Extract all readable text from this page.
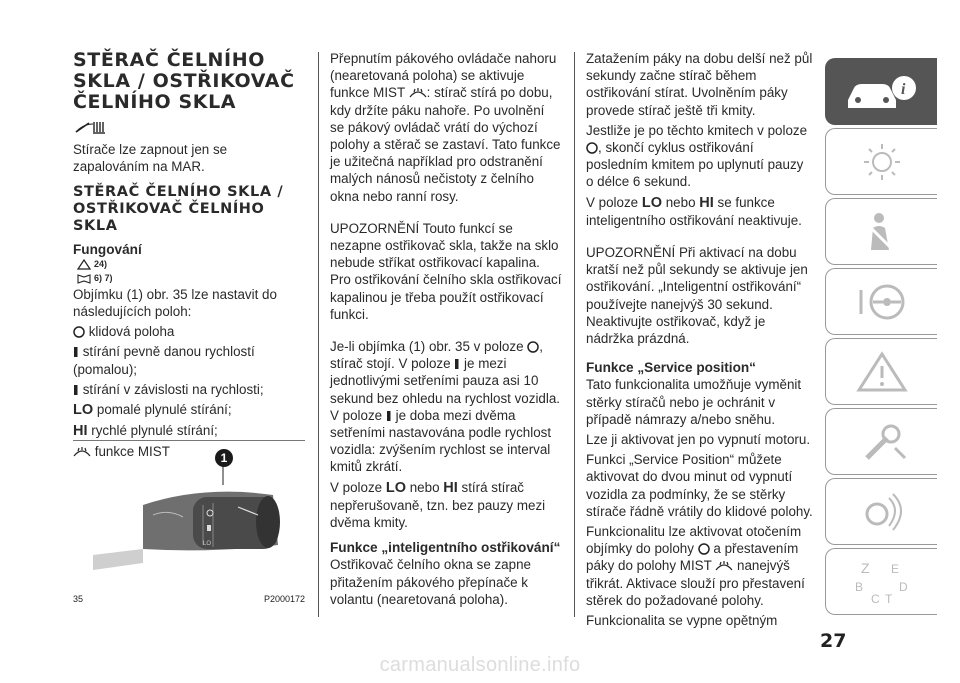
STĚRAČ ČELNÍHO SKLA / OSTŘIKOVAČ ČELNÍHO SKLA

Stírače lze zapnout jen se zapalováním na MAR.

STĚRAČ ČELNÍHO SKLA / OSTŘIKOVAČ ČELNÍHO SKLA
Fungování
24)
6) 7)

Objímku (1) obr. 35 lze nastavit do následujících poloh:

klidová poloha

stírání pevně danou rychlostí (pomalou);

stírání v závislosti na rychlosti;

LO pomalé plynulé stírání;

HI rychlé plynulé stírání;

funkce MIST

LO
1
35	P2000172

Přepnutím pákového ovládače nahoru (nearetovaná poloha) se aktivuje funkce MIST : stírač stírá po dobu, kdy držíte páku nahoře. Po uvolnění se pákový ovládač vrátí do výchozí polohy a stěrač se zastaví. Tato funkce je užitečná například pro odstranění malých nánosů nečistoty z čelního okna nebo ranní rosy.

UPOZORNĚNÍ Touto funkcí se nezapne ostřikovač skla, takže na sklo nebude stříkat ostřikovací kapalina. Pro ostřikování čelního skla ostřikovací kapalinou je třeba použít ostřikovací funkci.

Je-li objímka (1) obr. 35 v poloze , stírač stojí. V poloze je mezi jednotlivými setřeními pauza asi 10 sekund bez ohledu na rychlost vozidla. V poloze je doba mezi dvěma setřeními nastavována podle rychlost vozidla: zvýšením rychlost se interval kmitů zkrátí.

V poloze LO nebo HI stírá stírač nepřerušovaně, tzn. bez pauzy mezi dvěma kmity.

Funkce „inteligentního ostřikování“

Ostřikovač čelního okna se zapne přitažením pákového přepínače k volantu (nearetovaná poloha).

Zatažením páky na dobu delší než půl sekundy začne stírač během ostřikování stírat. Uvolněním páky provede stírač ještě tři kmity.

Jestliže je po těchto kmitech v poloze , skončí cyklus ostřikování posledním kmitem po uplynutí pauzy o délce 6 sekund.

V poloze LO nebo HI se funkce inteligentního ostřikování neaktivuje.

UPOZORNĚNÍ Při aktivací na dobu kratší než půl sekundy se aktivuje jen ostřikování. „Inteligentní ostřikování“ používejte nanejvýš 30 sekund. Neaktivujte ostřikovač, když je nádržka prázdná.

Funkce „Service position“

Tato funkcionalita umožňuje vyměnit stěrky stíračů nebo je ochránit v případě námrazy a/nebo sněhu.

Lze ji aktivovat jen po vypnutí motoru.

Funkci „Service Position“ můžete aktivovat do dvou minut od vypnutí vozidla za podmínky, že se stěrky stírače řádně vrátily do klidové polohy.

Funkcionalitu lze aktivovat otočením objímky do polohy a přestavením páky do polohy MIST nanejvýš třikrát. Aktivace slouží pro přestavení stěrek do požadované polohy.

Funkcionalita se vypne opětným

i
Z E
B
C T
D
27
carmanualsonline.info
